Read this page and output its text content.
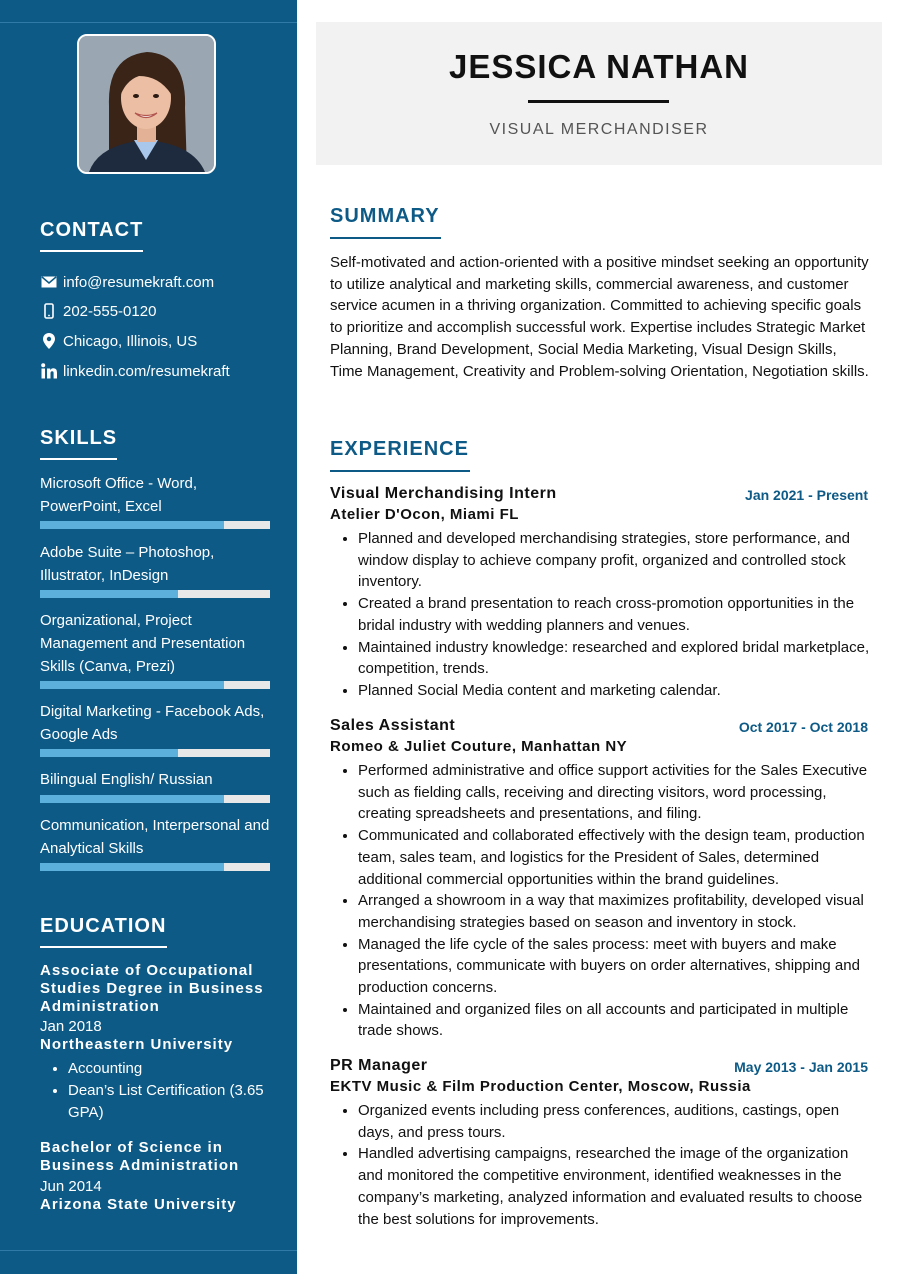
CONTACT
info@resumekraft.com
202-555-0120
Chicago, Illinois, US
linkedin.com/resumekraft
SKILLS
Microsoft Office - Word, PowerPoint, Excel
Adobe Suite – Photoshop, Illustrator, InDesign
Organizational, Project Management and Presentation Skills (Canva, Prezi)
Digital Marketing - Facebook Ads, Google Ads
Bilingual English/ Russian
Communication, Interpersonal and Analytical Skills
EDUCATION
Associate of Occupational Studies Degree in Business Administration
Jan 2018
Northeastern University
• Accounting
• Dean’s List Certification (3.65 GPA)
Bachelor of Science in Business Administration
Jun 2014
Arizona State University
JESSICA NATHAN
VISUAL MERCHANDISER
SUMMARY
Self-motivated and action-oriented with a positive mindset seeking an opportunity to utilize analytical and marketing skills, commercial awareness, and customer service acumen in a thriving organization. Committed to achieving specific goals to prioritize and accomplish successful work. Expertise includes Strategic Market Planning, Brand Development, Social Media Marketing, Visual Design Skills, Time Management, Creativity and Problem-solving Orientation, Negotiation skills.
EXPERIENCE
Visual Merchandising Intern	Jan 2021 - Present
Atelier D'Ocon, Miami FL
• Planned and developed merchandising strategies, store performance, and window display to achieve company profit, organized and controlled stock inventory.
• Created a brand presentation to reach cross-promotion opportunities in the bridal industry with wedding planners and venues.
• Maintained industry knowledge: researched and explored bridal marketplace, competition, trends.
• Planned Social Media content and marketing calendar.
Sales Assistant	Oct 2017 - Oct 2018
Romeo & Juliet Couture, Manhattan NY
• Performed administrative and office support activities for the Sales Executive such as fielding calls, receiving and directing visitors, word processing, creating spreadsheets and presentations, and filing.
• Communicated and collaborated effectively with the design team, production team, sales team, and logistics for the President of Sales, determined additional commercial opportunities within the brand guidelines.
• Arranged a showroom in a way that maximizes profitability, developed visual merchandising strategies based on season and inventory in stock.
• Managed the life cycle of the sales process: meet with buyers and make presentations, communicate with buyers on order alternatives, shipping and production concerns.
• Maintained and organized files on all accounts and participated in multiple trade shows.
PR Manager	May 2013 - Jan 2015
EKTV Music & Film Production Center, Moscow, Russia
• Organized events including press conferences, auditions, castings, open days, and press tours.
• Handled advertising campaigns, researched the image of the organization and monitored the competitive environment, identified weaknesses in the company’s marketing, analyzed information and evaluated results to choose the best solutions for improvements.
